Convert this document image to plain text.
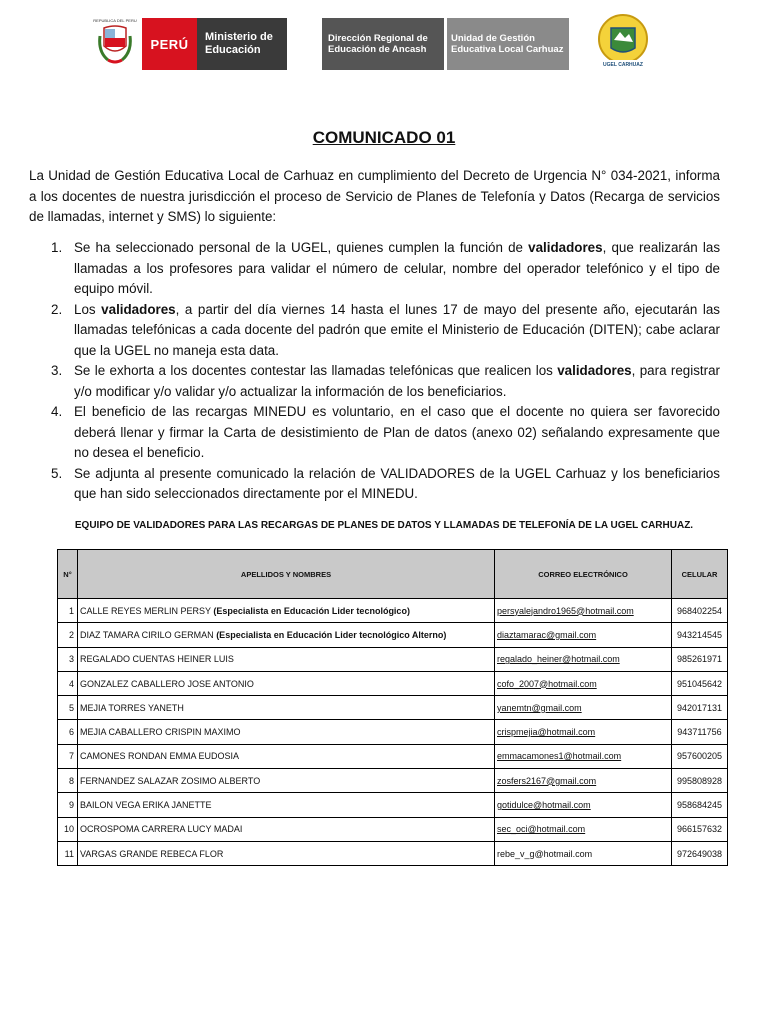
REPUBLICA DEL PERU
PERÚ	Ministerio de Educación
Dirección Regional de Educación de Ancash
Unidad de Gestión Educativa Local Carhuaz
UGEL CARHUAZ
COMUNICADO 01
La Unidad de Gestión Educativa Local de Carhuaz en cumplimiento del Decreto de Urgencia N° 034-2021, informa a los docentes de nuestra jurisdicción el proceso de Servicio de Planes de Telefonía y Datos (Recarga de servicios de llamadas, internet y SMS) lo siguiente:
1. Se ha seleccionado personal de la UGEL, quienes cumplen la función de validadores, que realizarán las llamadas a los profesores para validar el número de celular, nombre del operador telefónico y el tipo de equipo móvil.
2. Los validadores, a partir del día viernes 14 hasta el lunes 17 de mayo del presente año, ejecutarán las llamadas telefónicas a cada docente del padrón que emite el Ministerio de Educación (DITEN); cabe aclarar que la UGEL no maneja esta data.
3. Se le exhorta a los docentes contestar las llamadas telefónicas que realicen los validadores, para registrar y/o modificar y/o validar y/o actualizar la información de los beneficiarios.
4. El beneficio de las recargas MINEDU es voluntario, en el caso que el docente no quiera ser favorecido deberá llenar y firmar la Carta de desistimiento de Plan de datos (anexo 02) señalando expresamente que no desea el beneficio.
5. Se adjunta al presente comunicado la relación de VALIDADORES de la UGEL Carhuaz y los beneficiarios que han sido seleccionados directamente por el MINEDU.
EQUIPO DE VALIDADORES PARA LAS RECARGAS DE PLANES DE DATOS Y LLAMADAS DE TELEFONÍA DE LA UGEL CARHUAZ.
N°	APELLIDOS Y NOMBRES	CORREO ELECTRÓNICO	CELULAR
1	CALLE REYES MERLIN PERSY (Especialista en Educación Lider tecnológico)	persyalejandro1965@hotmail.com	968402254
2	DIAZ TAMARA CIRILO GERMAN (Especialista en Educación Lider tecnológico Alterno)	diaztamarac@gmail.com	943214545
3	REGALADO CUENTAS HEINER LUIS	regalado_heiner@hotmail.com	985261971
4	GONZALEZ CABALLERO JOSE ANTONIO	cofo_2007@hotmail.com	951045642
5	MEJIA TORRES YANETH	yanemtn@gmail.com	942017131
6	MEJIA CABALLERO CRISPIN MAXIMO	crispmejia@hotmail.com	943711756
7	CAMONES RONDAN EMMA EUDOSIA	emmacamones1@hotmail.com	957600205
8	FERNANDEZ SALAZAR ZOSIMO ALBERTO	zosfers2167@gmail.com	995808928
9	BAILON VEGA ERIKA JANETTE	gotidulce@hotmail.com	958684245
10	OCROSPOMA CARRERA LUCY MADAI	sec_oci@hotmail.com	966157632
11	VARGAS GRANDE REBECA FLOR	rebe_v_g@hotmail.com	972649038
